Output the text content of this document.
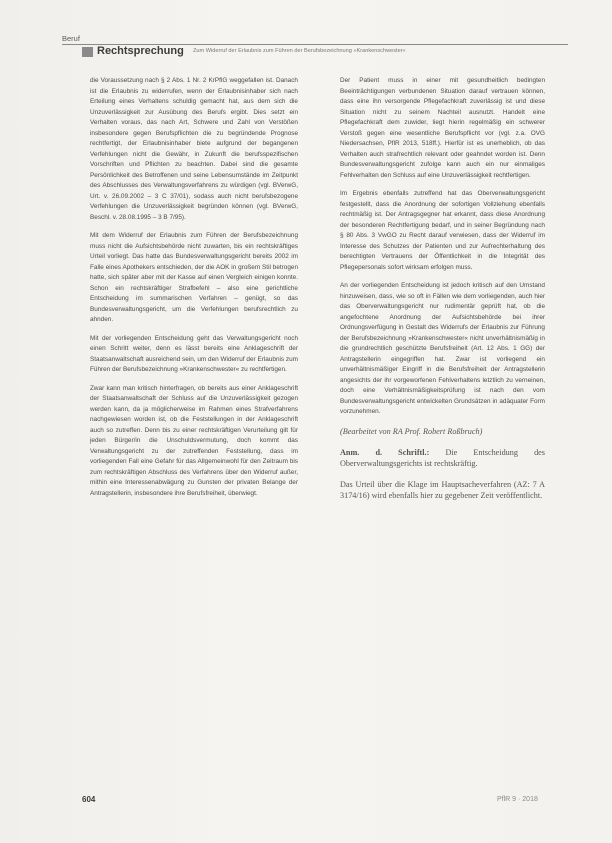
Beruf
Rechtsprechung Zum Widerruf der Erlaubnis zum Führen der Berufsbezeichnung »Krankenschwester«

die Voraussetzung nach § 2 Abs. 1 Nr. 2 KrPflG weggefallen ist. Danach ist die Erlaubnis zu widerrufen, wenn der Erlaubnisinhaber sich nach Erteilung eines Verhaltens schuldig gemacht hat, aus dem sich die Unzuverlässigkeit zur Ausübung des Berufs ergibt. Dies setzt ein Verhalten voraus, das nach Art, Schwere und Zahl von Verstößen insbesondere gegen Berufspflichten die zu begründende Prognose rechtfertigt, der Erlaubnisinhaber biete aufgrund der begangenen Verfehlungen nicht die Gewähr, in Zukunft die berufsspezifischen Vorschriften und Pflichten zu beachten. Dabei sind die gesamte Persönlichkeit des Betroffenen und seine Lebensumstände im Zeitpunkt des Abschlusses des Verwaltungsverfahrens zu würdigen (vgl. BVerwG, Urt. v. 26.09.2002 – 3 C 37/01), sodass auch nicht berufsbezogene Verfehlungen die Unzuverlässigkeit begründen können (vgl. BVerwG, Beschl. v. 28.08.1995 – 3 B 7/95).

Mit dem Widerruf der Erlaubnis zum Führen der Berufsbezeichnung muss nicht die Aufsichtsbehörde nicht zuwarten, bis ein rechtskräftiges Urteil vorliegt. Das hatte das Bundesverwaltungsgericht bereits 2002 im Falle eines Apothekers entschieden, der die AOK in großem Stil betrogen hatte, sich später aber mit der Kasse auf einen Vergleich einigen konnte. Schon ein rechtskräftiger Strafbefehl – also eine gerichtliche Entscheidung im summarischen Verfahren – genügt, so das Bundesverwaltungsgericht, um die Verfehlungen berufsrechtlich zu ahnden.

Mit der vorliegenden Entscheidung geht das Verwaltungsgericht noch einen Schritt weiter, denn es lässt bereits eine Anklageschrift der Staatsanwaltschaft ausreichend sein, um den Widerruf der Erlaubnis zum Führen der Berufsbezeichnung »Krankenschwester« zu rechtfertigen.

Zwar kann man kritisch hinterfragen, ob bereits aus einer Anklageschrift der Staatsanwaltschaft der Schluss auf die Unzuverlässigkeit gezogen werden kann, da ja möglicherweise im Rahmen eines Strafverfahrens nachgewiesen worden ist, ob die Feststellungen in der Anklageschrift auch so zutreffen. Denn bis zu einer rechtskräftigen Verurteilung gilt für jeden Bürger/in die Unschuldsvermutung, doch kommt das Verwaltungsgericht zu der zutreffenden Feststellung, dass im vorliegenden Fall eine Gefahr für das Allgemeinwohl für den Zeitraum bis zum rechtskräftigen Abschluss des Verfahrens über den Widerruf außer, mithin eine Interessenabwägung zu Gunsten der privaten Belange der Antragstellerin, insbesondere ihre Berufsfreiheit, überwiegt.

Der Patient muss in einer mit gesundheitlich bedingten Beeinträchtigungen verbundenen Situation darauf vertrauen können, dass eine ihn versorgende Pflegefachkraft zuverlässig ist und diese Situation nicht zu seinem Nachteil ausnutzt. Handelt eine Pflegefachkraft dem zuwider, liegt hierin regelmäßig ein schwerer Verstoß gegen eine wesentliche Berufspflicht vor (vgl. z.a. OVG Niedersachsen, PflR 2013, 518ff.). Hierfür ist es unerheblich, ob das Verhalten auch strafrechtlich relevant oder geahndet worden ist. Denn Bundesverwaltungsgericht zufolge kann auch ein nur einmaliges Fehlverhalten den Schluss auf eine Unzuverlässigkeit rechtfertigen.

Im Ergebnis ebenfalls zutreffend hat das Oberverwaltungsgericht festgestellt, dass die Anordnung der sofortigen Vollziehung ebenfalls rechtmäßig ist. Der Antragsgegner hat erkannt, dass diese Anordnung der besonderen Rechtfertigung bedarf, und in seiner Begründung nach § 80 Abs. 3 VwGO zu Recht darauf verwiesen, dass der Widerruf im Interesse des Schutzes der Patienten und zur Aufrechterhaltung des berechtigten Vertrauens der Öffentlichkeit in die Integrität des Pflegepersonals sofort wirksam erfolgen muss.

An der vorliegenden Entscheidung ist jedoch kritisch auf den Umstand hinzuweisen, dass, wie so oft in Fällen wie dem vorliegenden, auch hier das Oberverwaltungsgericht nur rudimentär geprüft hat, ob die angefochtene Anordnung der Aufsichtsbehörde bei ihrer Ordnungsverfügung in Gestalt des Widerrufs der Erlaubnis zur Führung der Berufsbezeichnung »Krankenschwester« nicht unverhältnismäßig in die grundrechtlich geschützte Berufsfreiheit (Art. 12 Abs. 1 GG) der Antragstellerin eingegriffen hat. Zwar ist vorliegend ein unverhältnismäßiger Eingriff in die Berufsfreiheit der Antragstellerin angesichts der ihr vorgeworfenen Fehlverhaltens letztlich zu verneinen, doch eine Verhältnismäßigkeitsprüfung ist nach den vom Bundesverwaltungsgericht entwickelten Grundsätzen in adäquater Form vorzunehmen.

(Bearbeitet von RA Prof. Robert Roßbruch)

Anm. d. Schriftl.: Die Entscheidung des Oberverwaltungsgerichts ist rechtskräftig.

Das Urteil über die Klage im Hauptsacheverfahren (AZ: 7 A 3174/16) wird ebenfalls hier zu gegebener Zeit veröffentlicht.

604	PflR 9 · 2018
